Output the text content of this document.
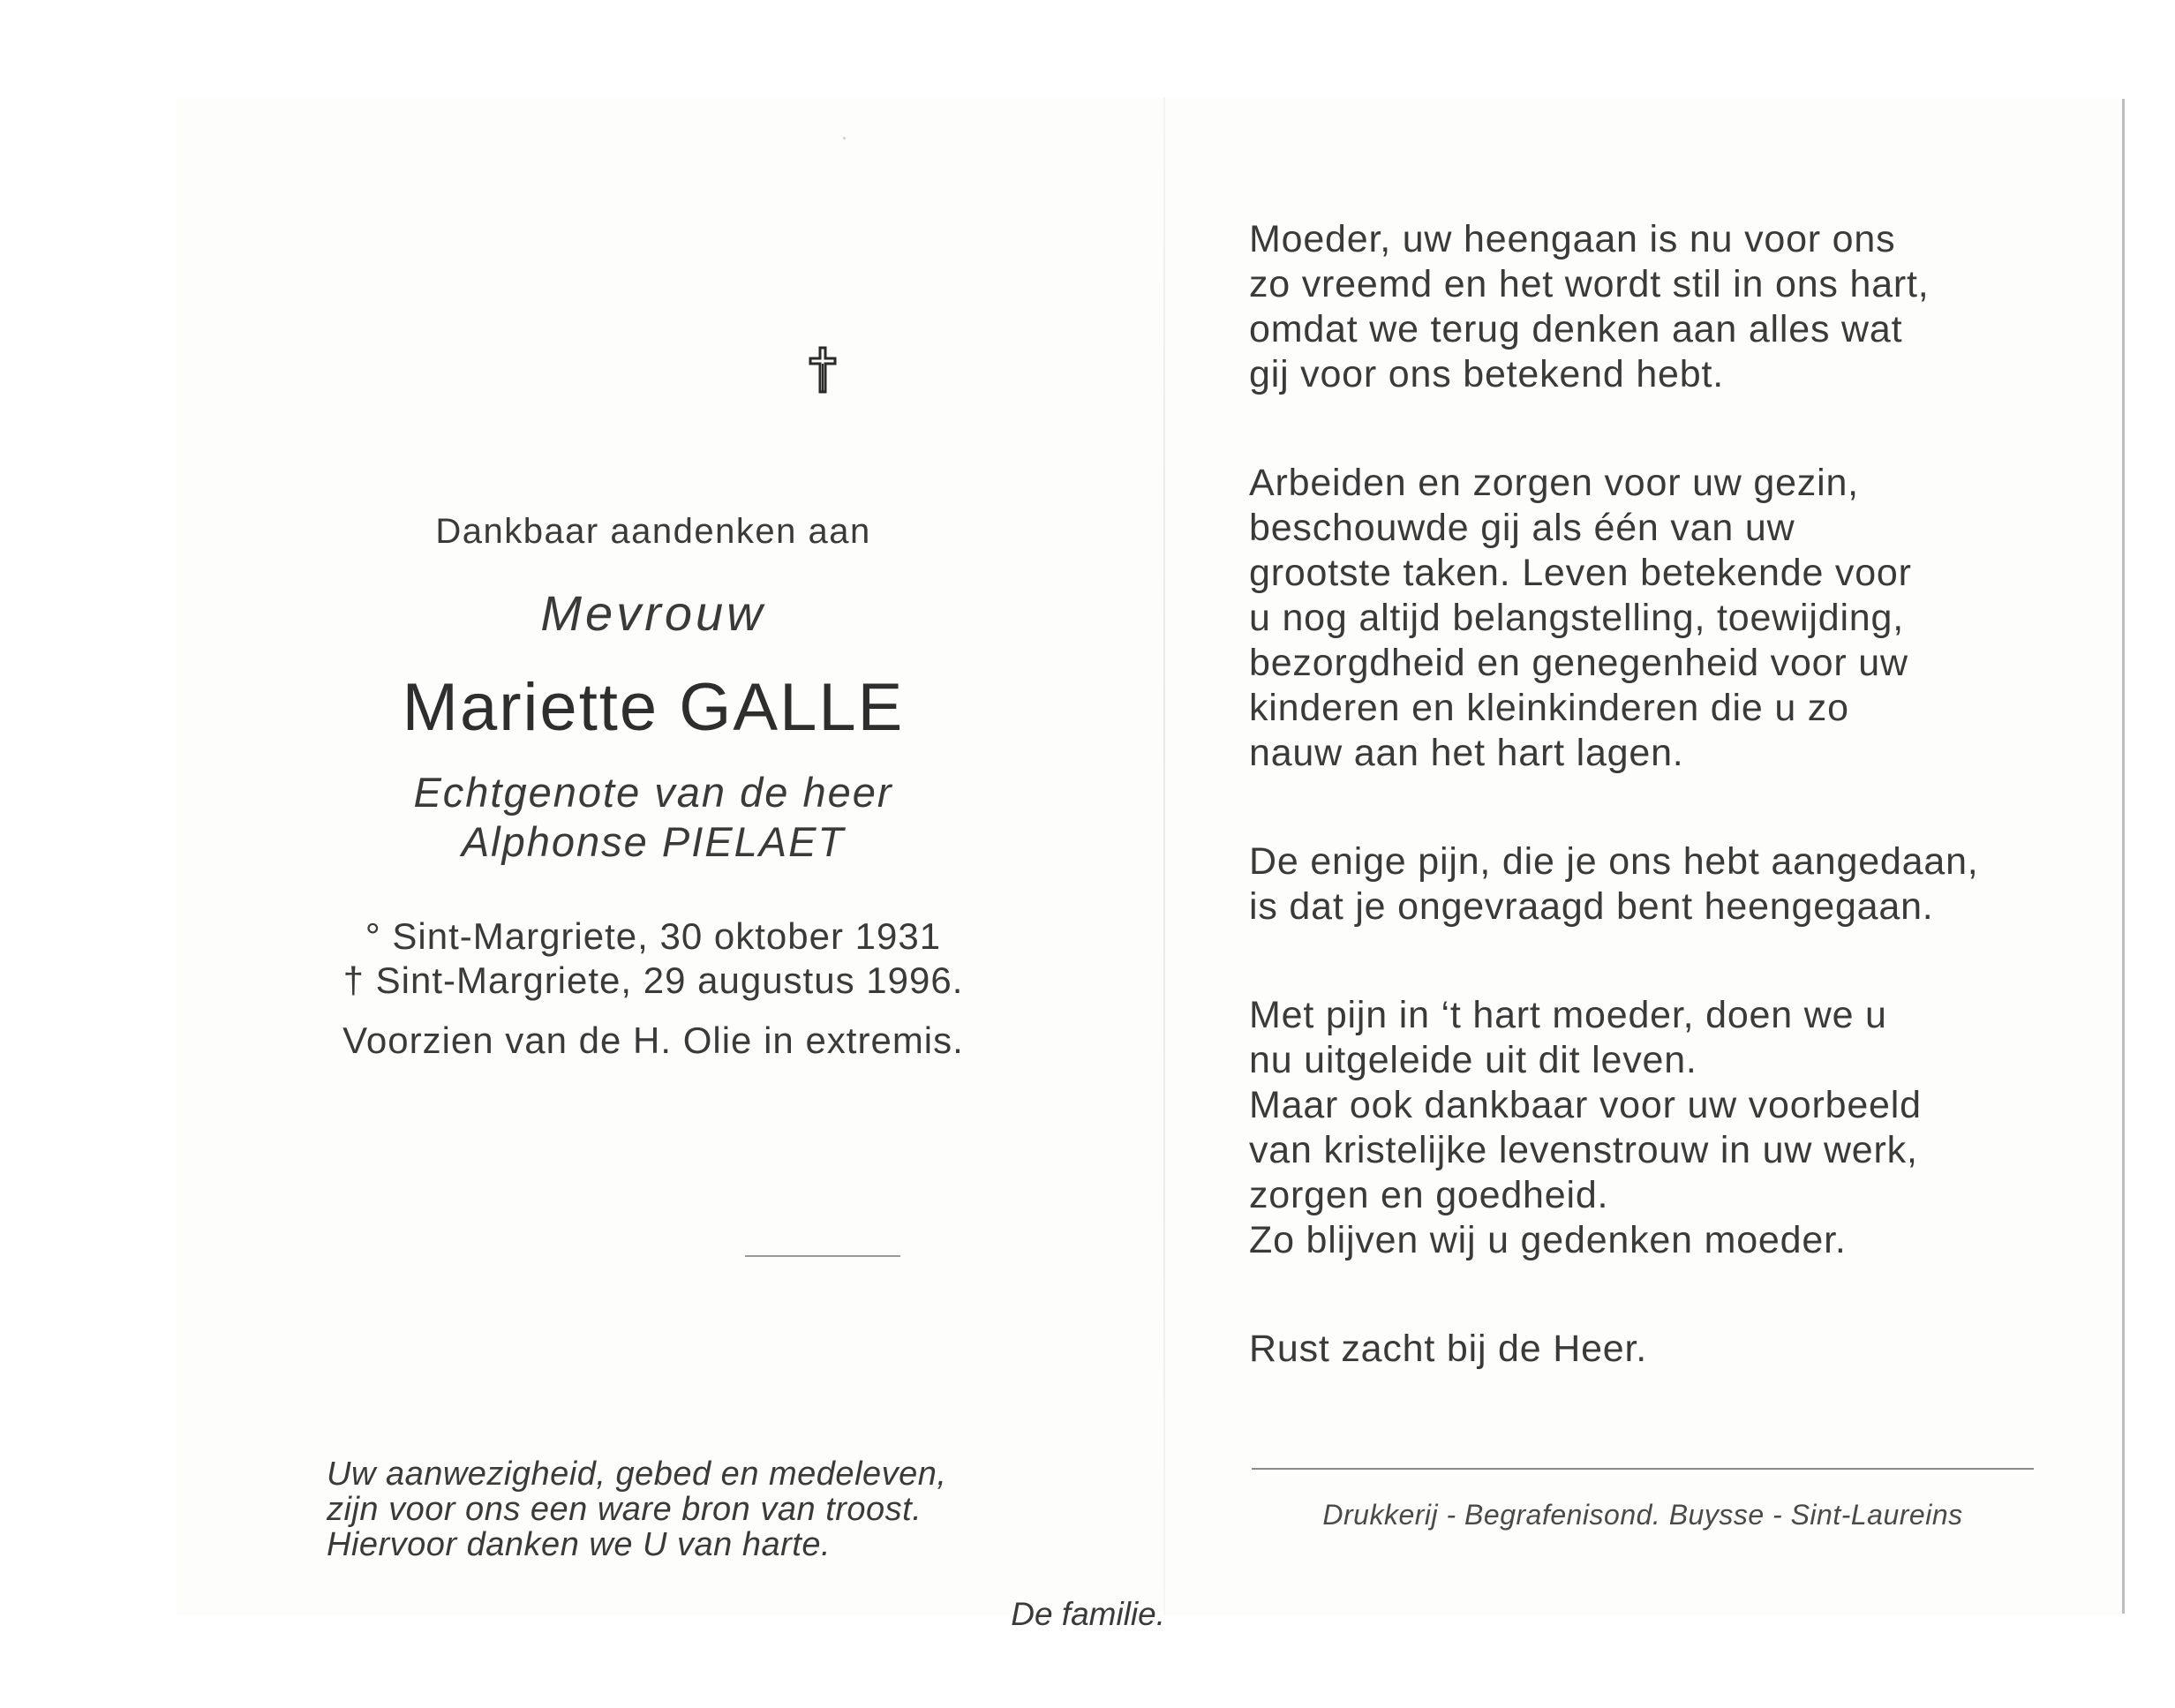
Dankbaar aandenken aan
Mevrouw
Mariette GALLE
Echtgenote van de heer
Alphonse PIELAET
° Sint-Margriete, 30 oktober 1931
† Sint-Margriete, 29 augustus 1996.
Voorzien van de H. Olie in extremis.
Uw aanwezigheid, gebed en medeleven,
zijn voor ons een ware bron van troost.
Hiervoor danken we U van harte.
De familie.
Moeder, uw heengaan is nu voor ons
zo vreemd en het wordt stil in ons hart,
omdat we terug denken aan alles wat
gij voor ons betekend hebt.
Arbeiden en zorgen voor uw gezin,
beschouwde gij als één van uw
grootste taken. Leven betekende voor
u nog altijd belangstelling, toewijding,
bezorgdheid en genegenheid voor uw
kinderen en kleinkinderen die u zo
nauw aan het hart lagen.
De enige pijn, die je ons hebt aangedaan,
is dat je ongevraagd bent heengegaan.
Met pijn in ‘t hart moeder, doen we u
nu uitgeleide uit dit leven.
Maar ook dankbaar voor uw voorbeeld
van kristelijke levenstrouw in uw werk,
zorgen en goedheid.
Zo blijven wij u gedenken moeder.
Rust zacht bij de Heer.
Drukkerij - Begrafenisond. Buysse - Sint-Laureins
